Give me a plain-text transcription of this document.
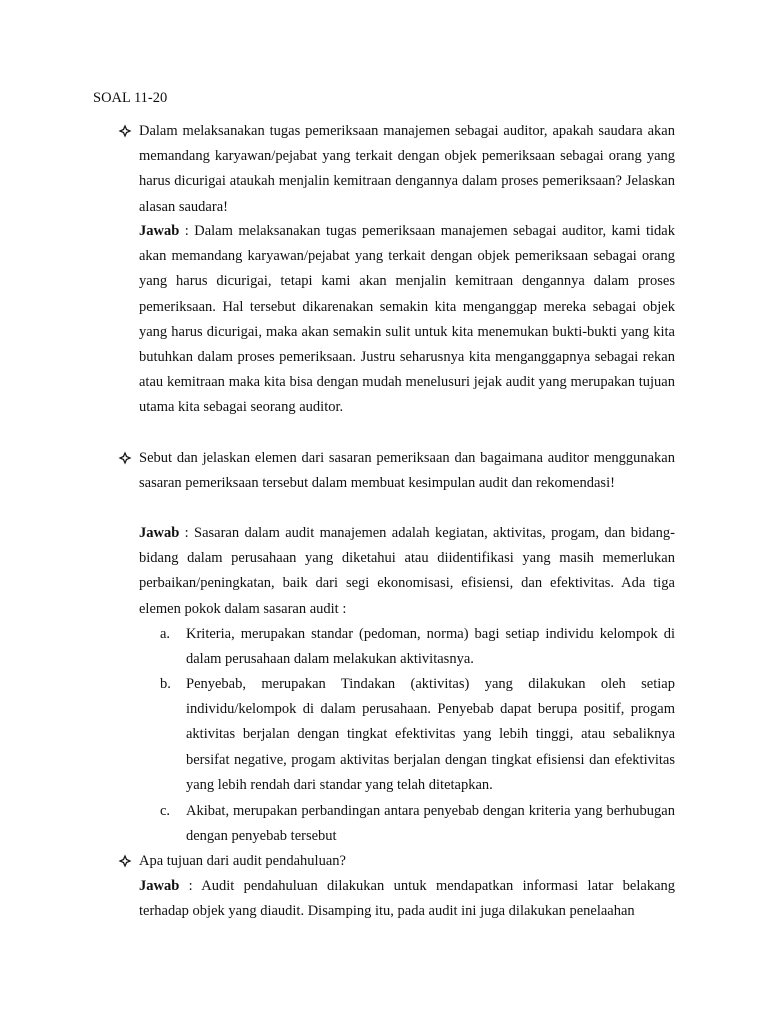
SOAL 11-20
Dalam melaksanakan tugas pemeriksaan manajemen sebagai auditor, apakah saudara akan memandang karyawan/pejabat yang terkait dengan objek pemeriksaan sebagai orang yang harus dicurigai ataukah menjalin kemitraan dengannya dalam proses pemeriksaan? Jelaskan alasan saudara!
Jawab : Dalam melaksanakan tugas pemeriksaan manajemen sebagai auditor, kami tidak akan memandang karyawan/pejabat yang terkait dengan objek pemeriksaan sebagai orang yang harus dicurigai, tetapi kami akan menjalin kemitraan dengannya dalam proses pemeriksaan. Hal tersebut dikarenakan semakin kita menganggap mereka sebagai objek yang harus dicurigai, maka akan semakin sulit untuk kita menemukan bukti-bukti yang kita butuhkan dalam proses pemeriksaan. Justru seharusnya kita menganggapnya sebagai rekan atau kemitraan maka kita bisa dengan mudah menelusuri jejak audit yang merupakan tujuan utama kita sebagai seorang auditor.
Sebut dan jelaskan elemen dari sasaran pemeriksaan dan bagaimana auditor menggunakan sasaran pemeriksaan tersebut dalam membuat kesimpulan audit dan rekomendasi!
Jawab : Sasaran dalam audit manajemen adalah kegiatan, aktivitas, progam, dan bidang-bidang dalam perusahaan yang diketahui atau diidentifikasi yang masih memerlukan perbaikan/peningkatan, baik dari segi ekonomisasi, efisiensi, dan efektivitas. Ada tiga elemen pokok dalam sasaran audit :
a. Kriteria, merupakan standar (pedoman, norma) bagi setiap individu kelompok di dalam perusahaan dalam melakukan aktivitasnya.
b. Penyebab, merupakan Tindakan (aktivitas) yang dilakukan oleh setiap individu/kelompok di dalam perusahaan. Penyebab dapat berupa positif, progam aktivitas berjalan dengan tingkat efektivitas yang lebih tinggi, atau sebaliknya bersifat negative, progam aktivitas berjalan dengan tingkat efisiensi dan efektivitas yang lebih rendah dari standar yang telah ditetapkan.
c. Akibat, merupakan perbandingan antara penyebab dengan kriteria yang berhubugan dengan penyebab tersebut
Apa tujuan dari audit pendahuluan?
Jawab : Audit pendahuluan dilakukan untuk mendapatkan informasi latar belakang terhadap objek yang diaudit. Disamping itu, pada audit ini juga dilakukan penelaahan
